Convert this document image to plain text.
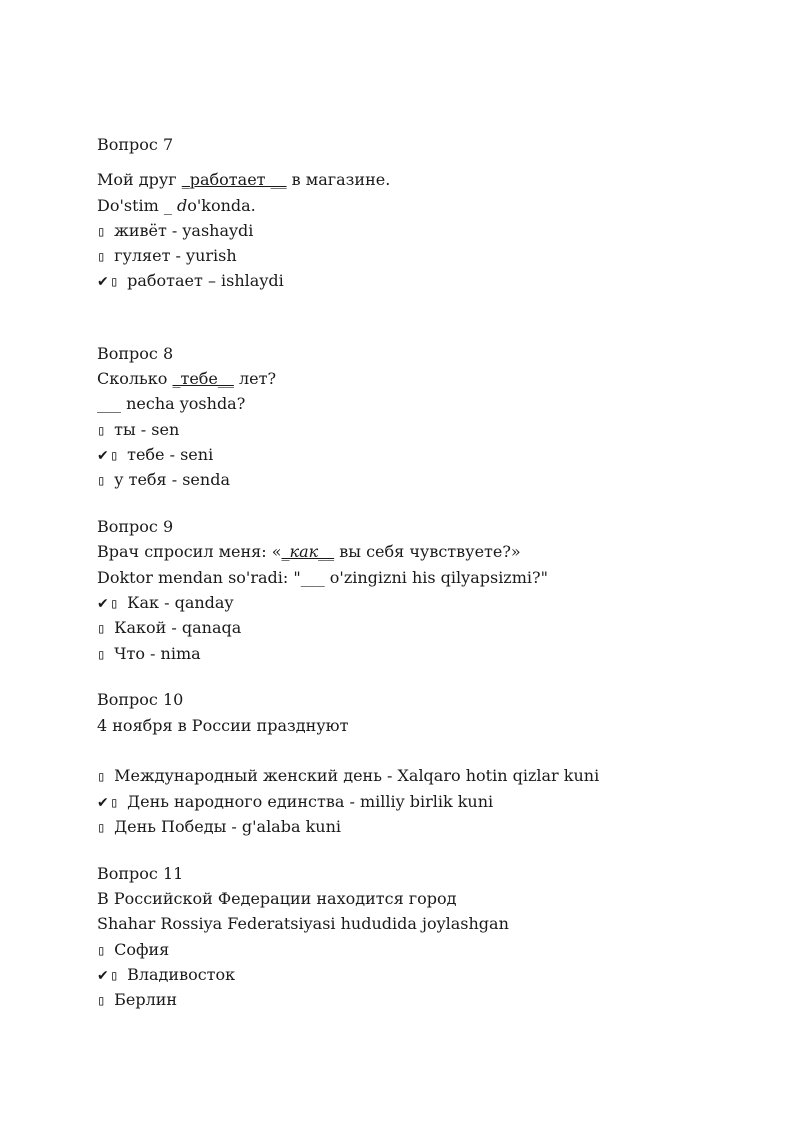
Вопрос 7
Мой друг _работает __ в магазине.
Do'stim _ do'konda.
▯ живёт - yashaydi
▯ гуляет - yurish
✔▯ работает – ishlaydi
Вопрос 8
Сколько _тебе__ лет?
___ necha yoshda?
▯ ты - sen
✔▯ тебе - seni
▯ у тебя - senda
Вопрос 9
Врач спросил меня: «_как__ вы себя чувствуете?»
Doktor mendan so'radi: "___ o'zingizni his qilyapsizmi?"
✔▯ Как - qanday
▯ Какой - qanaqa
▯ Что - nima
Вопрос 10
4 ноября в России празднуют
▯ Международный женский день - Xalqaro hotin qizlar kuni
✔▯ День народного единства - milliy birlik kuni
▯ День Победы - g'alaba kuni
Вопрос 11
В Российской Федерации находится город
Shahar Rossiya Federatsiyasi hududida joylashgan
▯ София
✔▯ Владивосток
▯ Берлин
